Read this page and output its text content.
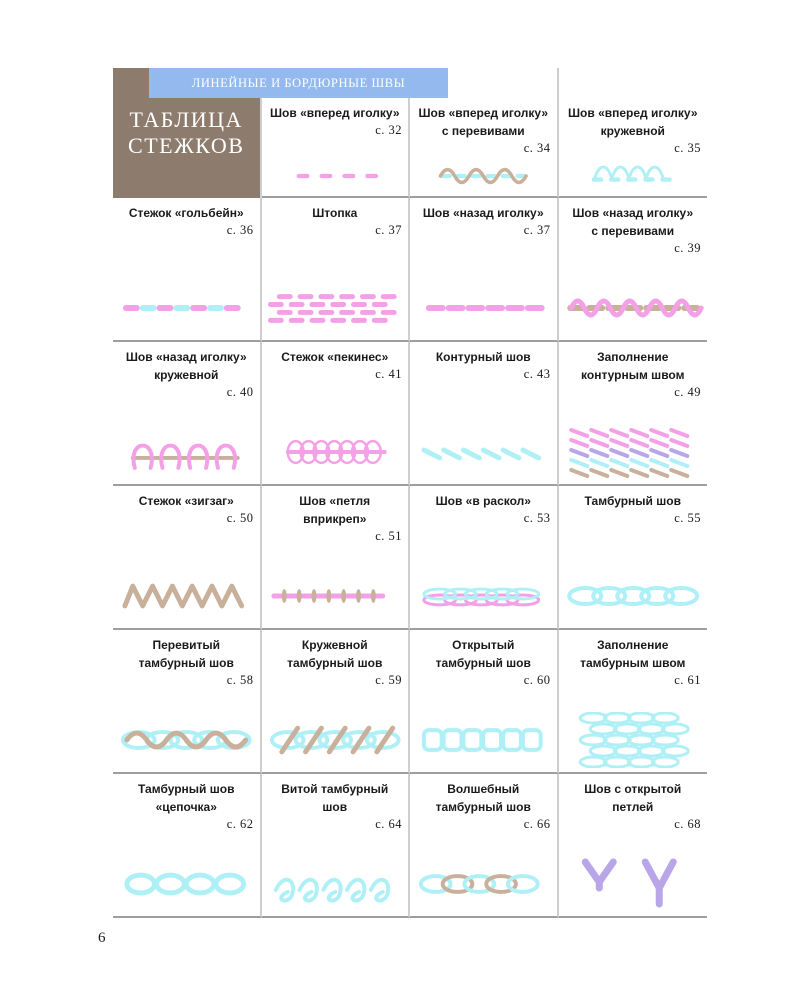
ТАБЛИЦА
СТЕЖКОВ
Шов «вперед иголку»
с. 32
Шов «вперед иголку»
с перевивами
с. 34
Шов «вперед иголку»
кружевной
с. 35
Стежок «гольбейн»
с. 36
Штопка
с. 37
Шов «назад иголку»
с. 37
Шов «назад иголку»
с перевивами
с. 39
Шов «назад иголку»
кружевной
с. 40
Стежок «пекинес»
с. 41
Контурный шов
с. 43
Заполнение
контурным швом
с. 49
Стежок «зигзаг»
с. 50
Шов «петля
вприкреп»
с. 51
Шов «в раскол»
с. 53
Тамбурный шов
с. 55
Перевитый
тамбурный шов
с. 58
Кружевной
тамбурный шов
с. 59
Открытый
тамбурный шов
с. 60
Заполнение
тамбурным швом
с. 61
Тамбурный шов
«цепочка»
с. 62
Витой тамбурный
шов
с. 64
Волшебный
тамбурный шов
с. 66
Шов с открытой
петлей
с. 68
ЛИНЕЙНЫЕ И БОРДЮРНЫЕ ШВЫ
6
